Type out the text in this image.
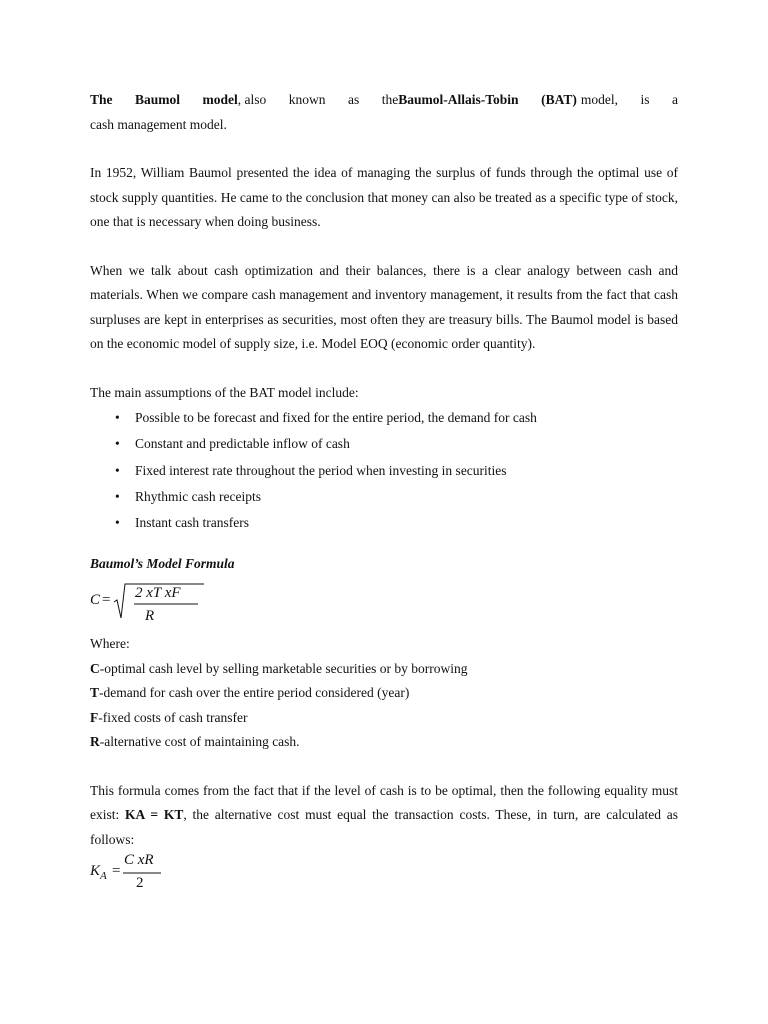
The Baumol model, also known as theBaumol-Allais-Tobin (BAT) model, is a

cash management model.

In 1952, William Baumol presented the idea of managing the surplus of funds through the optimal use of stock supply quantities. He came to the conclusion that money can also be treated as a specific type of stock, one that is necessary when doing business.

When we talk about cash optimization and their balances, there is a clear analogy between cash and materials. When we compare cash management and inventory management, it results from the fact that cash surpluses are kept in enterprises as securities, most often they are treasury bills. The Baumol model is based on the economic model of supply size, i.e. Model EOQ (economic order quantity).

The main assumptions of the BAT model include:

• Possible to be forecast and fixed for the entire period, the demand for cash
• Constant and predictable inflow of cash
• Fixed interest rate throughout the period when investing in securities
• Rhythmic cash receipts
• Instant cash transfers
Baumol’s Model Formula
C = 2 xT xF
R

Where:

C-optimal cash level by selling marketable securities or by borrowing

T-demand for cash over the entire period considered (year)

F-fixed costs of cash transfer

R-alternative cost of maintaining cash.

This formula comes from the fact that if the level of cash is to be optimal, then the following equality must exist: KA = KT, the alternative cost must equal the transaction costs. These, in turn, are calculated as follows:

$K_A$ =
C xR
2
